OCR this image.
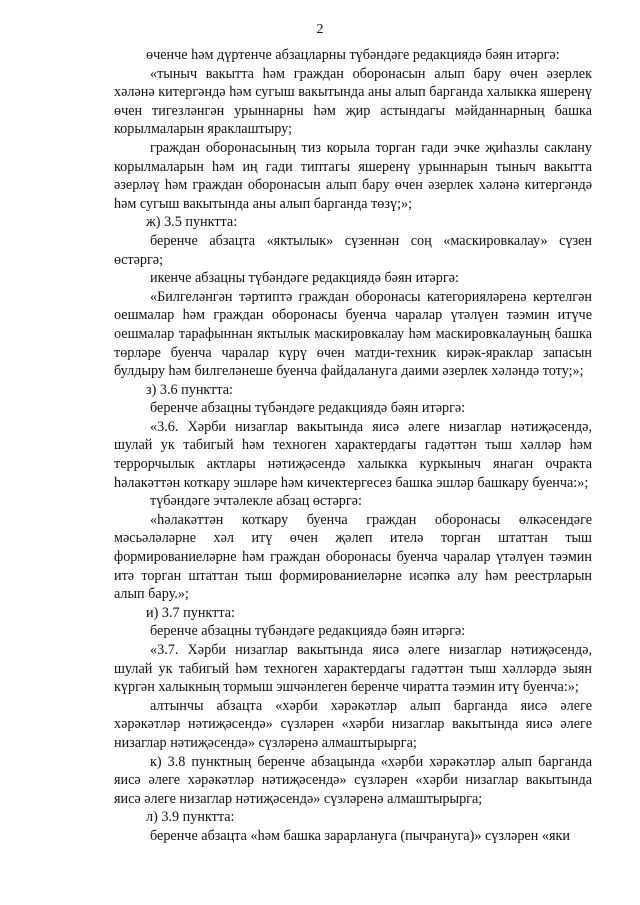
2

өченче һәм дүртенче абзацларны түбәндәге редакциядә бәян итәргә:

«тыныч вакытта һәм граждан оборонасын алып бару өчен әзерлек хәләнә китергәндә һәм сугыш вакытында аны алып барганда халыкка яшеренү өчен тигезләнгән урыннарны һәм җир астындагы мәйданнарның башка корылмаларын яраклаштыру;

граждан оборонасының тиз корыла торган гади эчке җиһазлы саклану корылмаларын һәм иң гади типтагы яшеренү урыннарын тыныч вакытта әзерләү һәм граждан оборонасын алып бару өчен әзерлек хәләнә китергәндә һәм сугыш вакытында аны алып барганда төзү;»;

ж) 3.5 пунктта:

беренче абзацта «яктылык» сүзеннән соң «маскировкалау» сүзен өстәргә;

икенче абзацны түбәндәге редакциядә бәян итәргә:

«Билгеләнгән тәртиптә граждан оборонасы категорияләренә кертелгән оешмалар һәм граждан оборонасы буенча чаралар үтәлүен тәэмин итүче оешмалар тарафыннан яктылык маскировкалау һәм маскировкалауның башка төрләре буенча чаралар күрү өчен матди-техник кирәк-яраклар запасын булдыру һәм билгеләнеше буенча файдалануга даими әзерлек хәләндә тоту;»;

з) 3.6 пунктта:

беренче абзацны түбәндәге редакциядә бәян итәргә:

«3.6. Хәрби низаглар вакытында яисә әлеге низаглар нәтиҗәсендә, шулай ук табигый һәм техноген характердагы гадәттән тыш хәлләр һәм террорчылык актлары нәтиҗәсендә халыкка куркыныч янаган очракта һәлакәттән коткару эшләре һәм кичектергесез башка эшләр башкару буенча:»;

түбәндәге эчтәлекле абзац өстәргә:

«һәлакәттән коткару буенча граждан оборонасы өлкәсендәге мәсьәләләрне хәл итү өчен җәлеп ителә торган штаттан тыш формированиеләрне һәм граждан оборонасы буенча чаралар үтәлүен тәэмин итә торган штаттан тыш формированиеләрне исәпкә алу һәм реестрларын алып бару.»;

и) 3.7 пунктта:

беренче абзацны түбәндәге редакциядә бәян итәргә:

«3.7. Хәрби низаглар вакытында яисә әлеге низаглар нәтиҗәсендә, шулай ук табигый һәм техноген характердагы гадәттән тыш хәлләрдә зыян күргән халыкның тормыш эшчәнлеген беренче чиратта тәэмин итү буенча:»;

алтынчы абзацта «хәрби хәрәкәтләр алып барганда яисә әлеге хәрәкәтләр нәтиҗәсендә» сүзләрен «хәрби низаглар вакытында яисә әлеге низаглар нәтиҗәсендә» сүзләренә алмаштырырга;

к) 3.8 пунктның беренче абзацында «хәрби хәрәкәтләр алып барганда яисә әлеге хәрәкәтләр нәтиҗәсендә» сүзләрен «хәрби низаглар вакытында яисә әлеге низаглар нәтиҗәсендә» сүзләренә алмаштырырга;

л) 3.9 пунктта:

беренче абзацта «һәм башка зарарлануга (пычрануга)» сүзләрен «яки
